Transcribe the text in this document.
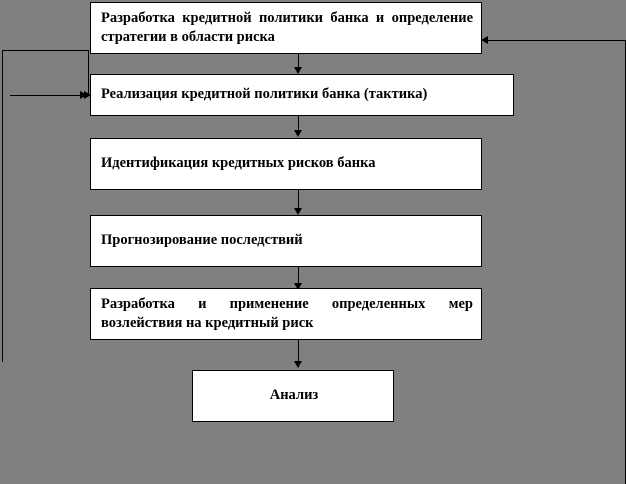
Разработка кредитной политики банка и определение стратегии в области риска
Реализация кредитной политики банка (тактика)
Идентификация кредитных рисков банка
Прогнозирование последствий
Разработка и применение определенных мер возлействия на кредитный риск
Анализ
